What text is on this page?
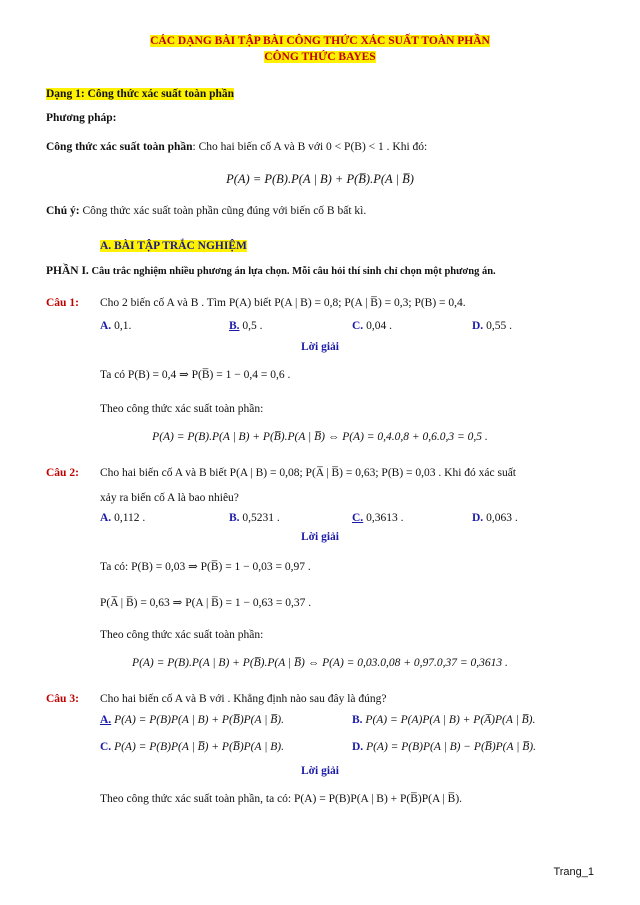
CÁC DẠNG BÀI TẬP BÀI CÔNG THỨC XÁC SUẤT TOÀN PHẦN
CÔNG THỨC BAYES
Dạng 1: Công thức xác suất toàn phần
Phương pháp:
Công thức xác suất toàn phần: Cho hai biến cố A và B với 0 < P(B) < 1 . Khi đó:
P(A) = P(B).P(A | B) + P(B̅).P(A | B̅)
Chú ý: Công thức xác suất toàn phần cũng đúng với biến cố B bất kì.
A. BÀI TẬP TRẮC NGHIỆM
PHẦN I. Câu trắc nghiệm nhiều phương án lựa chọn. Mỗi câu hỏi thí sinh chỉ chọn một phương án.
Câu 1: Cho 2 biến cố A và B . Tìm P(A) biết P(A | B) = 0,8; P(A | B̅) = 0,3; P(B) = 0,4.
A. 0,1.	B. 0,5 .	C. 0,04 .	D. 0,55 .
Lời giải
Ta có P(B) = 0,4 ⇒ P(B̅) = 1 − 0,4 = 0,6 .
Theo công thức xác suất toàn phần:
P(A) = P(B).P(A | B) + P(B̅).P(A | B̅) ⇔ P(A) = 0,4.0,8 + 0,6.0,3 = 0,5 .
Câu 2: Cho hai biến cố A và B biết P(A | B) = 0,08; P(A̅ | B̅) = 0,63; P(B) = 0,03 . Khi đó xác suất
xảy ra biến cố A là bao nhiêu?
A. 0,112 .	B. 0,5231 .	C. 0,3613 .	D. 0,063 .
Lời giải
Ta có: P(B) = 0,03 ⇒ P(B̅) = 1 − 0,03 = 0,97 .
P(A̅ | B̅) = 0,63 ⇒ P(A | B̅) = 1 − 0,63 = 0,37 .
Theo công thức xác suất toàn phần:
P(A) = P(B).P(A | B) + P(B̅).P(A | B̅) ⇔ P(A) = 0,03.0,08 + 0,97.0,37 = 0,3613 .
Câu 3: Cho hai biến cố A và B với . Khẳng định nào sau đây là đúng?
A. P(A) = P(B)P(A | B) + P(B̅)P(A | B̅).	B. P(A) = P(A)P(A | B) + P(A̅)P(A | B̅).
C. P(A) = P(B)P(A | B̅) + P(B̅)P(A | B).	D. P(A) = P(B)P(A | B) − P(B̅)P(A | B̅).
Lời giải
Theo công thức xác suất toàn phần, ta có: P(A) = P(B)P(A | B) + P(B̅)P(A | B̅).
Trang_1
